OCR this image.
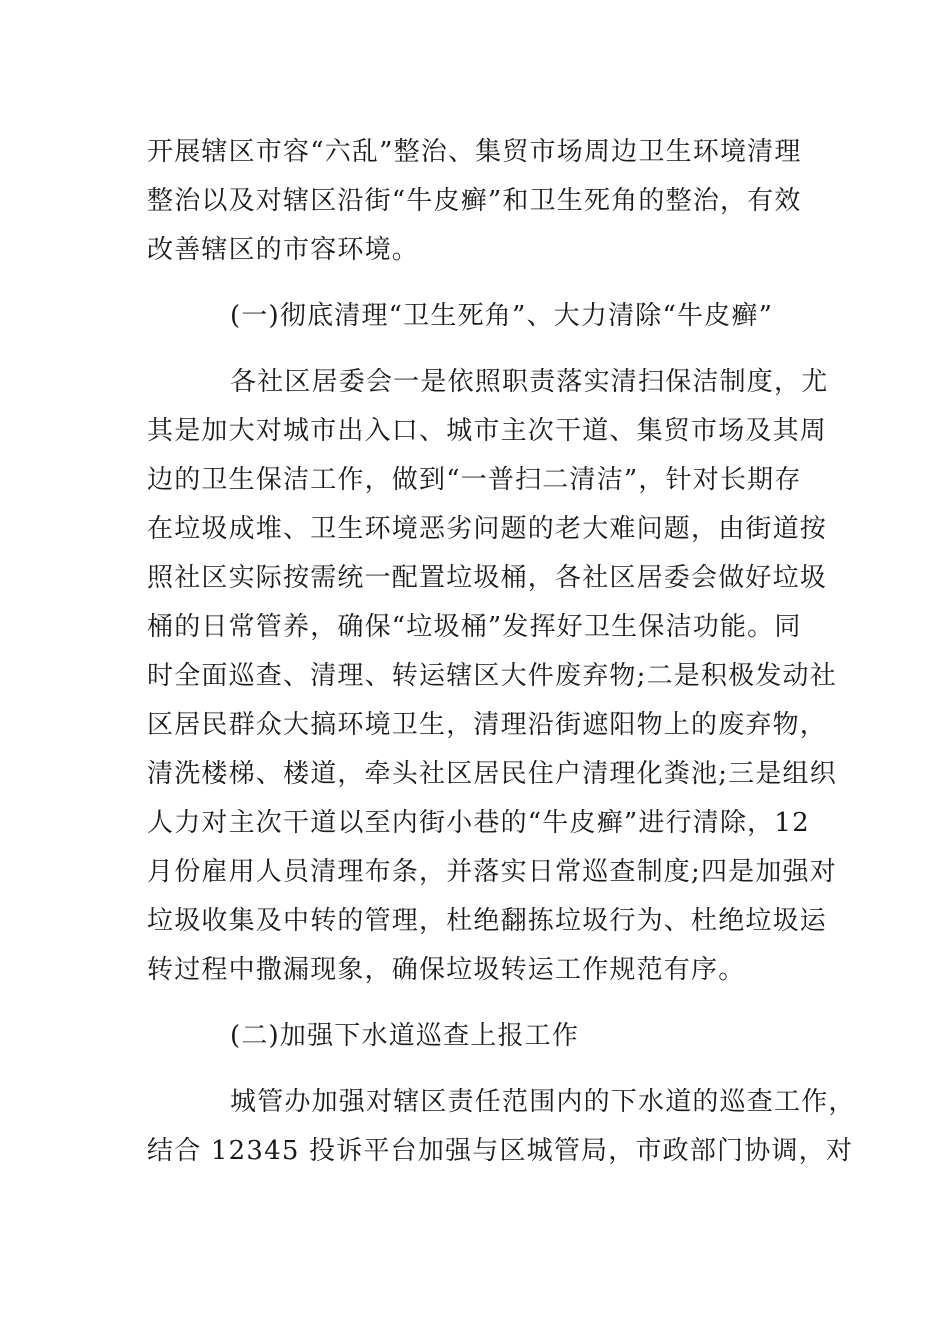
开展辖区市容“六乱”整治、集贸市场周边卫生环境清理
整治以及对辖区沿街“牛皮癣”和卫生死角的整治，有效
改善辖区的市容环境。
(一)彻底清理“卫生死角”、大力清除“牛皮癣”
各社区居委会一是依照职责落实清扫保洁制度，尤
其是加大对城市出入口、城市主次干道、集贸市场及其周
边的卫生保洁工作，做到“一普扫二清洁”，针对长期存
在垃圾成堆、卫生环境恶劣问题的老大难问题，由街道按
照社区实际按需统一配置垃圾桶，各社区居委会做好垃圾
桶的日常管养，确保“垃圾桶”发挥好卫生保洁功能。同
时全面巡查、清理、转运辖区大件废弃物;二是积极发动社
区居民群众大搞环境卫生，清理沿街遮阳物上的废弃物，
清洗楼梯、楼道，牵头社区居民住户清理化粪池;三是组织
人力对主次干道以至内街小巷的“牛皮癣”进行清除，12
月份雇用人员清理布条，并落实日常巡查制度;四是加强对
垃圾收集及中转的管理，杜绝翻拣垃圾行为、杜绝垃圾运
转过程中撒漏现象，确保垃圾转运工作规范有序。
(二)加强下水道巡查上报工作
城管办加强对辖区责任范围内的下水道的巡查工作，
结合 12345 投诉平台加强与区城管局，市政部门协调，对
